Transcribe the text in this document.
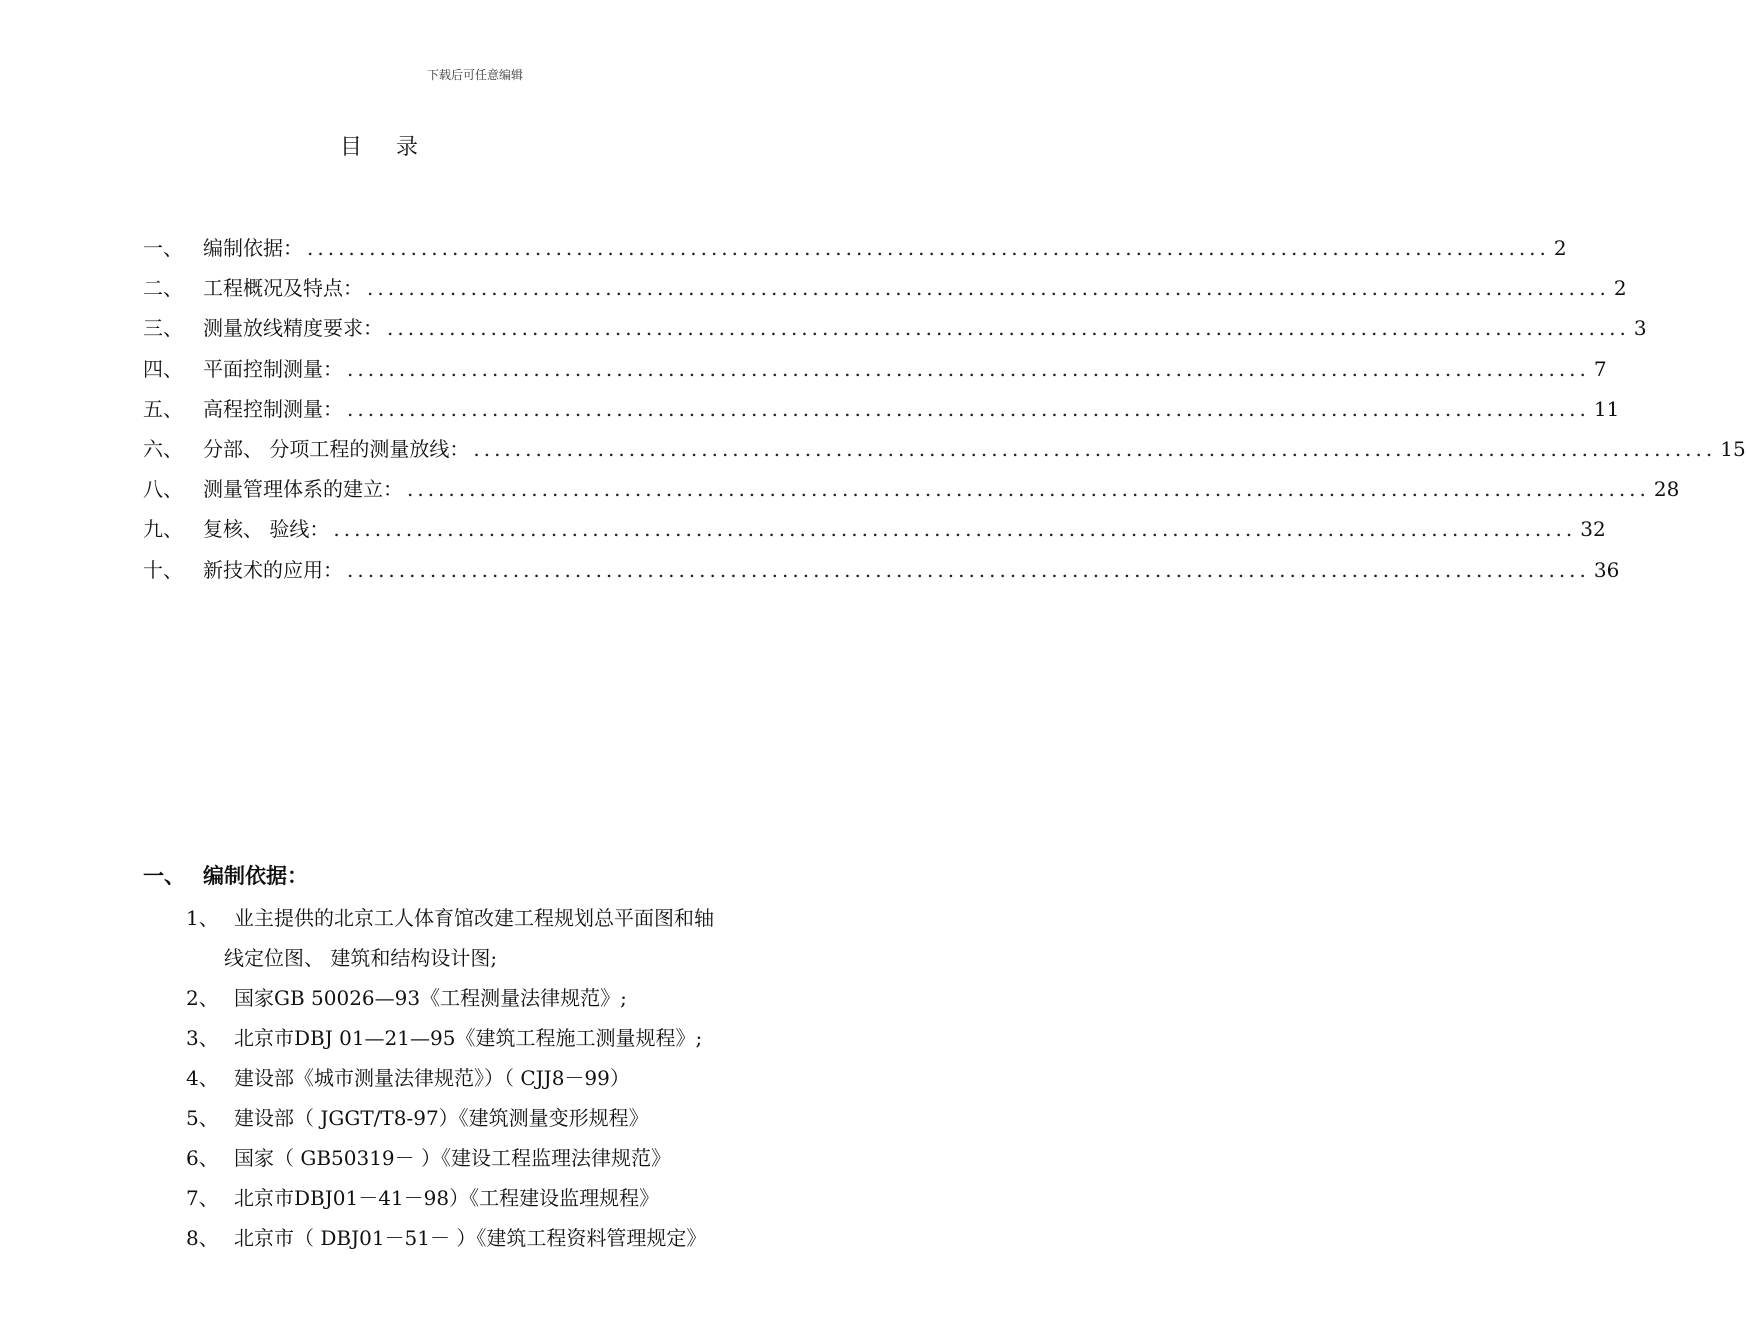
下载后可任意编辑
目录
一、	编制依据： ........................................................................................................................ 2
二、	工程概况及特点： ........................................................................................................................ 2
三、	测量放线精度要求： ........................................................................................................................ 3
四、	平面控制测量： ........................................................................................................................ 7
五、	高程控制测量： ........................................................................................................................ 11
六、	分部、 分项工程的测量放线： ........................................................................................................................ 15
八、	测量管理体系的建立： ........................................................................................................................ 28
九、	复核、 验线： ........................................................................................................................ 32
十、	新技术的应用： ........................................................................................................................ 36
一、 编制依据：
1、 业主提供的北京工人体育馆改建工程规划总平面图和轴
线定位图、 建筑和结构设计图;
2、 国家GB 50026—93《工程测量法律规范》;
3、 北京市DBJ 01—21—95《建筑工程施工测量规程》;
4、 建设部《城市测量法律规范》）（ CJJ8－99）
5、 建设部（ JGGT/T8-97）《建筑测量变形规程》
6、 国家（ GB50319－ ）《建设工程监理法律规范》
7、 北京市DBJ01－41－98）《工程建设监理规程》
8、 北京市（ DBJ01－51－ ）《建筑工程资料管理规定》
